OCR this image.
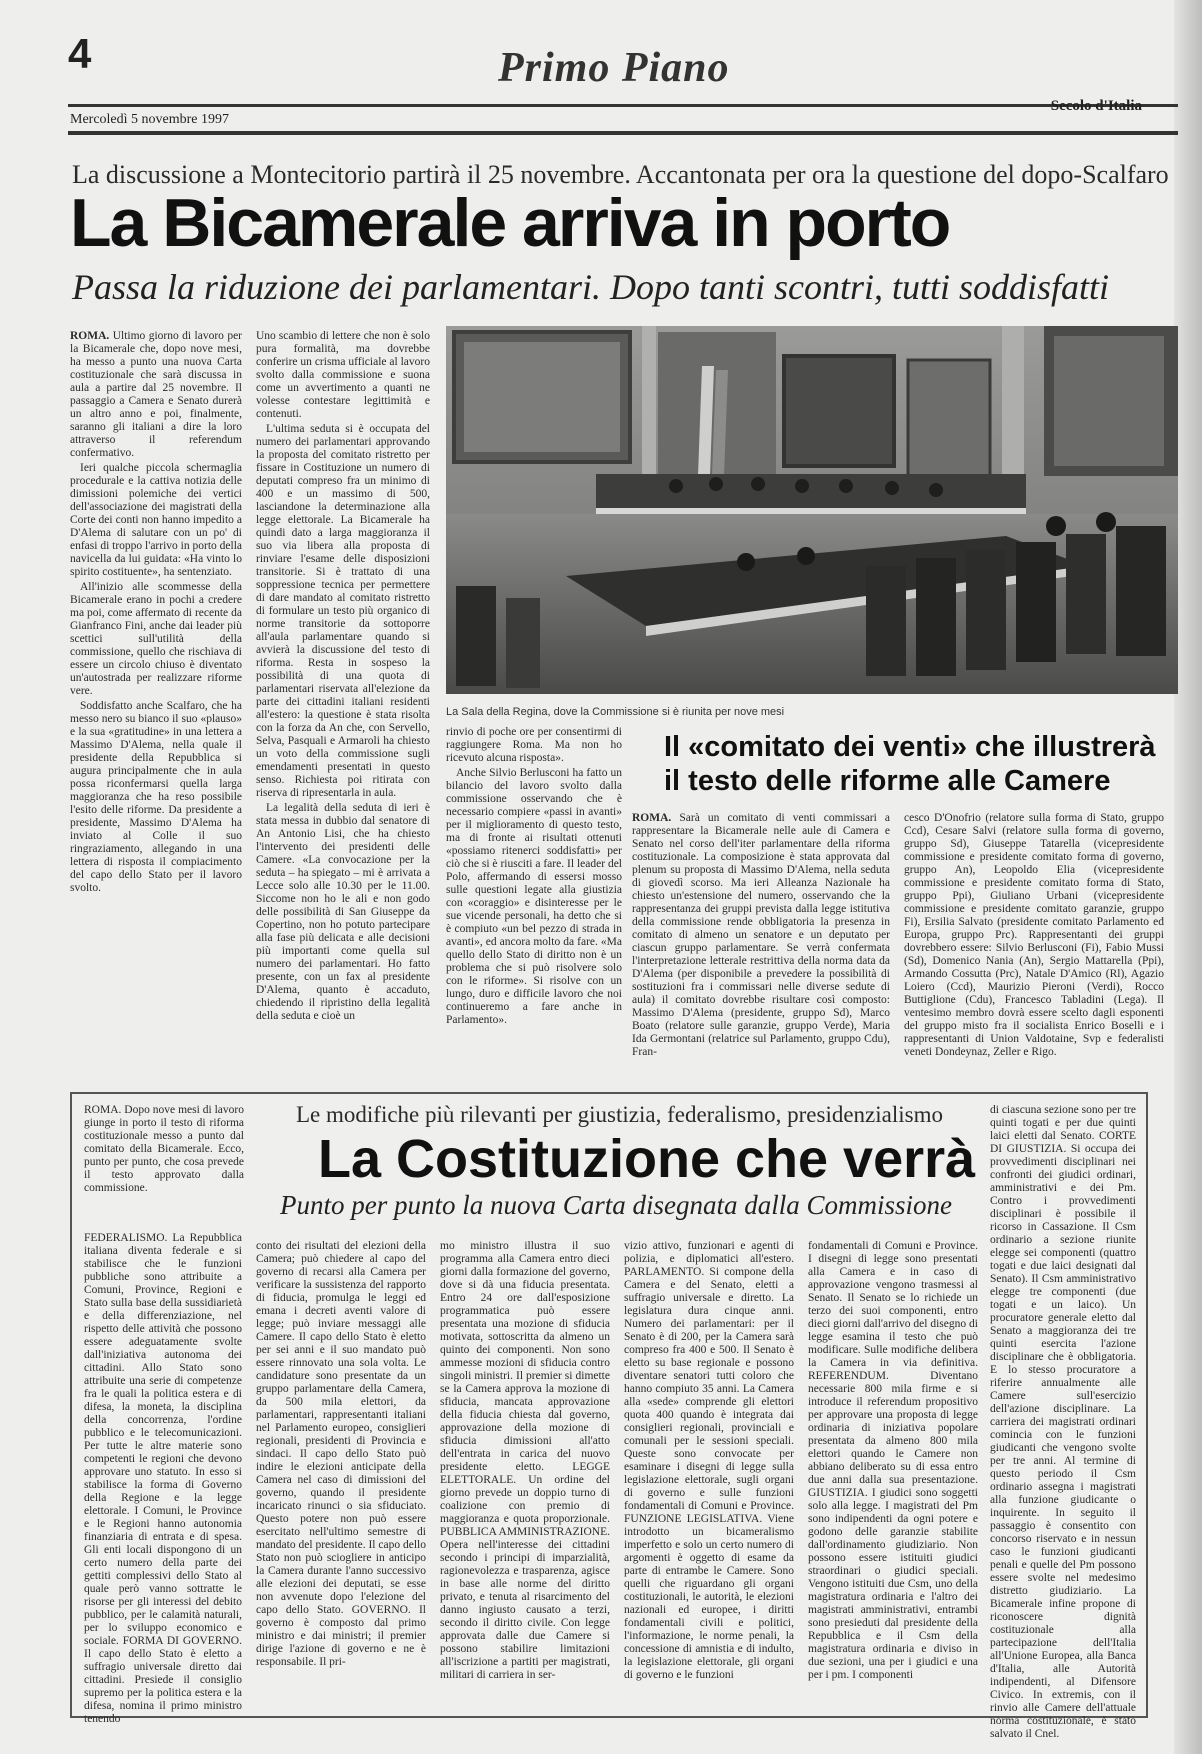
4	Primo Piano
Mercoledì 5 novembre 1997
Secolo d'Italia
La discussione a Montecitorio partirà il 25 novembre. Accantonata per ora la questione del dopo-Scalfaro
La Bicamerale arriva in porto
Passa la riduzione dei parlamentari. Dopo tanti scontri, tutti soddisfatti

ROMA. Ultimo giorno di lavoro per la Bicamerale che, dopo nove mesi, ha messo a punto una nuova Carta costituzionale che sarà discussa in aula a partire dal 25 novembre. Il passaggio a Camera e Senato durerà un altro anno e poi, finalmente, saranno gli italiani a dire la loro attraverso il referendum confermativo.

Ieri qualche piccola schermaglia procedurale e la cattiva notizia delle dimissioni polemiche dei vertici dell'associazione dei magistrati della Corte dei conti non hanno impedito a D'Alema di salutare con un po' di enfasi di troppo l'arrivo in porto della navicella da lui guidata: «Ha vinto lo spirito costituente», ha sentenziato.

All'inizio alle scommesse della Bicamerale erano in pochi a credere ma poi, come affermato di recente da Gianfranco Fini, anche dai leader più scettici sull'utilità della commissione, quello che rischiava di essere un circolo chiuso è diventato un'autostrada per realizzare riforme vere.

Soddisfatto anche Scalfaro, che ha messo nero su bianco il suo «plauso» e la sua «gratitudine» in una lettera a Massimo D'Alema, nella quale il presidente della Repubblica si augura principalmente che in aula possa riconfermarsi quella larga maggioranza che ha reso possibile l'esito delle riforme. Da presidente a presidente, Massimo D'Alema ha inviato al Colle il suo ringraziamento, allegando in una lettera di risposta il compiacimento del capo dello Stato per il lavoro svolto.

Uno scambio di lettere che non è solo pura formalità, ma dovrebbe conferire un crisma ufficiale al lavoro svolto dalla commissione e suona come un avvertimento a quanti ne volesse contestare legittimità e contenuti.

L'ultima seduta si è occupata del numero dei parlamentari approvando la proposta del comitato ristretto per fissare in Costituzione un numero di deputati compreso fra un minimo di 400 e un massimo di 500, lasciandone la determinazione alla legge elettorale. La Bicamerale ha quindi dato a larga maggioranza il suo via libera alla proposta di rinviare l'esame delle disposizioni transitorie. Si è trattato di una soppressione tecnica per permettere di dare mandato al comitato ristretto di formulare un testo più organico di norme transitorie da sottoporre all'aula parlamentare quando si avvierà la discussione del testo di riforma. Resta in sospeso la possibilità di una quota di parlamentari riservata all'elezione da parte dei cittadini italiani residenti all'estero: la questione è stata risolta con la forza da An che, con Servello, Selva, Pasquali e Armaroli ha chiesto un voto della commissione sugli emendamenti presentati in questo senso. Richiesta poi ritirata con riserva di ripresentarla in aula.

La legalità della seduta di ieri è stata messa in dubbio dal senatore di An Antonio Lisi, che ha chiesto l'intervento dei presidenti delle Camere. «La convocazione per la seduta – ha spiegato – mi è arrivata a Lecce solo alle 10.30 per le 11.00. Siccome non ho le ali e non godo delle possibilità di San Giuseppe da Copertino, non ho potuto partecipare alla fase più delicata e alle decisioni più importanti come quella sul numero dei parlamentari. Ho fatto presente, con un fax al presidente D'Alema, quanto è accaduto, chiedendo il ripristino della legalità della seduta e cioè un

La Sala della Regina, dove la Commissione si è riunita per nove mesi

rinvio di poche ore per consentirmi di raggiungere Roma. Ma non ho ricevuto alcuna risposta».

Anche Silvio Berlusconi ha fatto un bilancio del lavoro svolto dalla commissione osservando che è necessario compiere «passi in avanti» per il miglioramento di questo testo, ma di fronte ai risultati ottenuti «possiamo ritenerci soddisfatti» per ciò che si è riusciti a fare. Il leader del Polo, affermando di essersi mosso sulle questioni legate alla giustizia con «coraggio» e disinteresse per le sue vicende personali, ha detto che si è compiuto «un bel pezzo di strada in avanti», ed ancora molto da fare. «Ma quello dello Stato di diritto non è un problema che si può risolvere solo con le riforme». Si risolve con un lungo, duro e difficile lavoro che noi continueremo a fare anche in Parlamento».

Il «comitato dei venti» che illustrerà
il testo delle riforme alle Camere

ROMA. Sarà un comitato di venti commissari a rappresentare la Bicamerale nelle aule di Camera e Senato nel corso dell'iter parlamentare della riforma costituzionale. La composizione è stata approvata dal plenum su proposta di Massimo D'Alema, nella seduta di giovedì scorso. Ma ieri Alleanza Nazionale ha chiesto un'estensione del numero, osservando che la rappresentanza dei gruppi prevista dalla legge istitutiva della commissione rende obbligatoria la presenza in comitato di almeno un senatore e un deputato per ciascun gruppo parlamentare. Se verrà confermata l'interpretazione letterale restrittiva della norma data da D'Alema (per disponibile a prevedere la possibilità di sostituzioni fra i commissari nelle diverse sedute di aula) il comitato dovrebbe risultare così composto: Massimo D'Alema (presidente, gruppo Sd), Marco Boato (relatore sulle garanzie, gruppo Verde), Maria Ida Germontani (relatrice sul Parlamento, gruppo Cdu), Fran-

cesco D'Onofrio (relatore sulla forma di Stato, gruppo Ccd), Cesare Salvi (relatore sulla forma di governo, gruppo Sd), Giuseppe Tatarella (vicepresidente commissione e presidente comitato forma di governo, gruppo An), Leopoldo Elia (vicepresidente commissione e presidente comitato forma di Stato, gruppo Ppi), Giuliano Urbani (vicepresidente commissione e presidente comitato garanzie, gruppo Fi), Ersilia Salvato (presidente comitato Parlamento ed Europa, gruppo Prc). Rappresentanti dei gruppi dovrebbero essere: Silvio Berlusconi (Fi), Fabio Mussi (Sd), Domenico Nania (An), Sergio Mattarella (Ppi), Armando Cossutta (Prc), Natale D'Amico (Rl), Agazio Loiero (Ccd), Maurizio Pieroni (Verdi), Rocco Buttiglione (Cdu), Francesco Tabladini (Lega). Il ventesimo membro dovrà essere scelto dagli esponenti del gruppo misto fra il socialista Enrico Boselli e i rappresentanti di Union Valdotaine, Svp e federalisti veneti Dondeynaz, Zeller e Rigo.

Le modifiche più rilevanti per giustizia, federalismo, presidenzialismo
La Costituzione che verrà
Punto per punto la nuova Carta disegnata dalla Commissione

ROMA. Dopo nove mesi di lavoro giunge in porto il testo di riforma costituzionale messo a punto dal comitato della Bicamerale. Ecco, punto per punto, che cosa prevede il testo approvato dalla commissione.

FEDERALISMO. La Repubblica italiana diventa federale e si stabilisce che le funzioni pubbliche sono attribuite a Comuni, Province, Regioni e Stato sulla base della sussidiarietà e della differenziazione, nel rispetto delle attività che possono essere adeguatamente svolte dall'iniziativa autonoma dei cittadini. Allo Stato sono attribuite una serie di competenze fra le quali la politica estera e di difesa, la moneta, la disciplina della concorrenza, l'ordine pubblico e le telecomunicazioni. Per tutte le altre materie sono competenti le regioni che devono approvare uno statuto. In esso si stabilisce la forma di Governo della Regione e la legge elettorale. I Comuni, le Province e le Regioni hanno autonomia finanziaria di entrata e di spesa. Gli enti locali dispongono di un certo numero della parte dei gettiti complessivi dello Stato al quale però vanno sottratte le risorse per gli interessi del debito pubblico, per le calamità naturali, per lo sviluppo economico e sociale. FORMA DI GOVERNO. Il capo dello Stato è eletto a suffragio universale diretto dai cittadini. Presiede il consiglio supremo per la politica estera e la difesa, nomina il primo ministro tenendo

conto dei risultati del elezioni della Camera; può chiedere al capo del governo di recarsi alla Camera per verificare la sussistenza del rapporto di fiducia, promulga le leggi ed emana i decreti aventi valore di legge; può inviare messaggi alle Camere. Il capo dello Stato è eletto per sei anni e il suo mandato può essere rinnovato una sola volta. Le candidature sono presentate da un gruppo parlamentare della Camera, da 500 mila elettori, da parlamentari, rappresentanti italiani nel Parlamento europeo, consiglieri regionali, presidenti di Provincia e sindaci. Il capo dello Stato può indire le elezioni anticipate della Camera nel caso di dimissioni del governo, quando il presidente incaricato rinunci o sia sfiduciato. Questo potere non può essere esercitato nell'ultimo semestre di mandato del presidente. Il capo dello Stato non può sciogliere in anticipo la Camera durante l'anno successivo alle elezioni dei deputati, se esse non avvenute dopo l'elezione del capo dello Stato. GOVERNO. Il governo è composto dal primo ministro e dai ministri; il premier dirige l'azione di governo e ne è responsabile. Il pri-

mo ministro illustra il suo programma alla Camera entro dieci giorni dalla formazione del governo, dove si dà una fiducia presentata. Entro 24 ore dall'esposizione programmatica può essere presentata una mozione di sfiducia motivata, sottoscritta da almeno un quinto dei componenti. Non sono ammesse mozioni di sfiducia contro singoli ministri. Il premier si dimette se la Camera approva la mozione di sfiducia, mancata approvazione della fiducia chiesta dal governo, approvazione della mozione di sfiducia dimissioni all'atto dell'entrata in carica del nuovo presidente eletto. LEGGE ELETTORALE. Un ordine del giorno prevede un doppio turno di coalizione con premio di maggioranza e quota proporzionale. PUBBLICA AMMINISTRAZIONE. Opera nell'interesse dei cittadini secondo i principi di imparzialità, ragionevolezza e trasparenza, agisce in base alle norme del diritto privato, e tenuta al risarcimento del danno ingiusto causato a terzi, secondo il diritto civile. Con legge approvata dalle due Camere si possono stabilire limitazioni all'iscrizione a partiti per magistrati, militari di carriera in ser-

vizio attivo, funzionari e agenti di polizia, e diplomatici all'estero. PARLAMENTO. Si compone della Camera e del Senato, eletti a suffragio universale e diretto. La legislatura dura cinque anni. Numero dei parlamentari: per il Senato è di 200, per la Camera sarà compreso fra 400 e 500. Il Senato è eletto su base regionale e possono diventare senatori tutti coloro che hanno compiuto 35 anni. La Camera alla «sede» comprende gli elettori quota 400 quando è integrata dai consiglieri regionali, provinciali e comunali per le sessioni speciali. Queste sono convocate per esaminare i disegni di legge sulla legislazione elettorale, sugli organi di governo e sulle funzioni fondamentali di Comuni e Province. FUNZIONE LEGISLATIVA. Viene introdotto un bicameralismo imperfetto e solo un certo numero di argomenti è oggetto di esame da parte di entrambe le Camere. Sono quelli che riguardano gli organi costituzionali, le autorità, le elezioni nazionali ed europee, i diritti fondamentali civili e politici, l'informazione, le norme penali, la concessione di amnistia e di indulto, la legislazione elettorale, gli organi di governo e le funzioni

fondamentali di Comuni e Province. I disegni di legge sono presentati alla Camera e in caso di approvazione vengono trasmessi al Senato. Il Senato se lo richiede un terzo dei suoi componenti, entro dieci giorni dall'arrivo del disegno di legge esamina il testo che può modificare. Sulle modifiche delibera la Camera in via definitiva. REFERENDUM. Diventano necessarie 800 mila firme e si introduce il referendum propositivo per approvare una proposta di legge ordinaria di iniziativa popolare presentata da almeno 800 mila elettori quando le Camere non abbiano deliberato su di essa entro due anni dalla sua presentazione. GIUSTIZIA. I giudici sono soggetti solo alla legge. I magistrati del Pm sono indipendenti da ogni potere e godono delle garanzie stabilite dall'ordinamento giudiziario. Non possono essere istituiti giudici straordinari o giudici speciali. Vengono istituiti due Csm, uno della magistratura ordinaria e l'altro dei magistrati amministrativi, entrambi sono presieduti dal presidente della Repubblica e il Csm della magistratura ordinaria e diviso in due sezioni, una per i giudici e una per i pm. I componenti

di ciascuna sezione sono per tre quinti togati e per due quinti laici eletti dal Senato. CORTE DI GIUSTIZIA. Si occupa dei provvedimenti disciplinari nei confronti dei giudici ordinari, amministrativi e dei Pm. Contro i provvedimenti disciplinari è possibile il ricorso in Cassazione. Il Csm ordinario a sezione riunite elegge sei componenti (quattro togati e due laici designati dal Senato). Il Csm amministrativo elegge tre componenti (due togati e un laico). Un procuratore generale eletto dal Senato a maggioranza dei tre quinti esercita l'azione disciplinare che è obbligatoria. E lo stesso procuratore a riferire annualmente alle Camere sull'esercizio dell'azione disciplinare. La carriera dei magistrati ordinari comincia con le funzioni giudicanti che vengono svolte per tre anni. Al termine di questo periodo il Csm ordinario assegna i magistrati alla funzione giudicante o inquirente. In seguito il passaggio è consentito con concorso riservato e in nessun caso le funzioni giudicanti penali e quelle del Pm possono essere svolte nel medesimo distretto giudiziario. La Bicamerale infine propone di riconoscere dignità costituzionale alla partecipazione dell'Italia all'Unione Europea, alla Banca d'Italia, alle Autorità indipendenti, al Difensore Civico. In extremis, con il rinvio alle Camere dell'attuale norma costituzionale, è stato salvato il Cnel.
